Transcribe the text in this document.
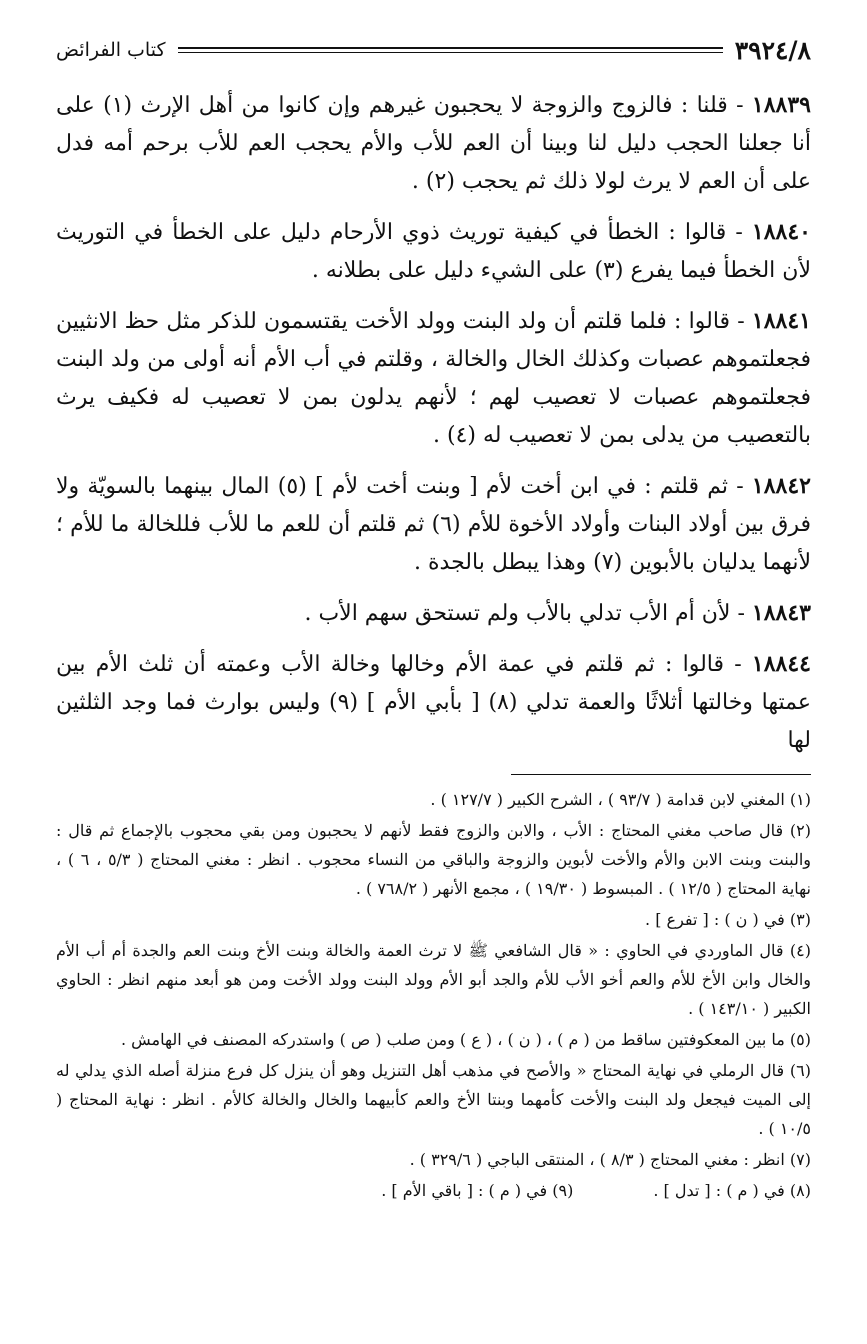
٣٩٢٤/٨
كتاب الفرائض

١٨٨٣٩ - قلنا : فالزوج والزوجة لا يحجبون غيرهم وإن كانوا من أهل الإرث (١) على أنا جعلنا الحجب دليل لنا وبينا أن العم للأب والأم يحجب العم للأب برحم أمه فدل على أن العم لا يرث لولا ذلك ثم يحجب (٢) .

١٨٨٤٠ - قالوا : الخطأ في كيفية توريث ذوي الأرحام دليل على الخطأ في التوريث لأن الخطأ فيما يفرع (٣) على الشيء دليل على بطلانه .

١٨٨٤١ - قالوا : فلما قلتم أن ولد البنت وولد الأخت يقتسمون للذكر مثل حظ الانثيين فجعلتموهم عصبات وكذلك الخال والخالة ، وقلتم في أب الأم أنه أولى من ولد البنت فجعلتموهم عصبات لا تعصيب لهم ؛ لأنهم يدلون بمن لا تعصيب له فكيف يرث بالتعصيب من يدلى بمن لا تعصيب له (٤) .

١٨٨٤٢ - ثم قلتم : في ابن أخت لأم [ وبنت أخت لأم ] (٥) المال بينهما بالسويّة ولا فرق بين أولاد البنات وأولاد الأخوة للأم (٦) ثم قلتم أن للعم ما للأب فللخالة ما للأم ؛ لأنهما يدليان بالأبوين (٧) وهذا يبطل بالجدة .

١٨٨٤٣ - لأن أم الأب تدلي بالأب ولم تستحق سهم الأب .

١٨٨٤٤ - قالوا : ثم قلتم في عمة الأم وخالها وخالة الأب وعمته أن ثلث الأم بين عمتها وخالتها أثلاثًا والعمة تدلي (٨) [ بأبي الأم ] (٩) وليس بوارث فما وجد الثلثين لها

(١) المغني لابن قدامة ( ٩٣/٧ ) ، الشرح الكبير ( ١٢٧/٧ ) .

(٢) قال صاحب مغني المحتاج : الأب ، والابن والزوج فقط لأنهم لا يحجبون ومن بقي محجوب بالإجماع ثم قال : والبنت وبنت الابن والأم والأخت لأبوين والزوجة والباقي من النساء محجوب . انظر : مغني المحتاج ( ٥/٣ ، ٦ ) ، نهاية المحتاج ( ١٢/٥ ) . المبسوط ( ١٩/٣٠ ) ، مجمع الأنهر ( ٧٦٨/٢ ) .

(٣) في ( ن ) : [ تفرع ] .

(٤) قال الماوردي في الحاوي : « قال الشافعي ﷺ لا ترث العمة والخالة وبنت الأخ وبنت العم والجدة أم أب الأم والخال وابن الأخ للأم والعم أخو الأب للأم والجد أبو الأم وولد البنت وولد الأخت ومن هو أبعد منهم انظر : الحاوي الكبير ( ١٤٣/١٠ ) .

(٥) ما بين المعكوفتين ساقط من ( م ) ، ( ن ) ، ( ع ) ومن صلب ( ص ) واستدركه المصنف في الهامش .

(٦) قال الرملي في نهاية المحتاج « والأصح في مذهب أهل التنزيل وهو أن ينزل كل فرع منزلة أصله الذي يدلي له إلى الميت فيجعل ولد البنت والأخت كأمهما وبنتا الأخ والعم كأبيهما والخال والخالة كالأم . انظر : نهاية المحتاج ( ١٠/٥ ) .

(٧) انظر : مغني المحتاج ( ٨/٣ ) ، المنتقى الباجي ( ٣٢٩/٦ ) .

(٨) في ( م ) : [ تدل ] .
(٩) في ( م ) : [ باقي الأم ] .
